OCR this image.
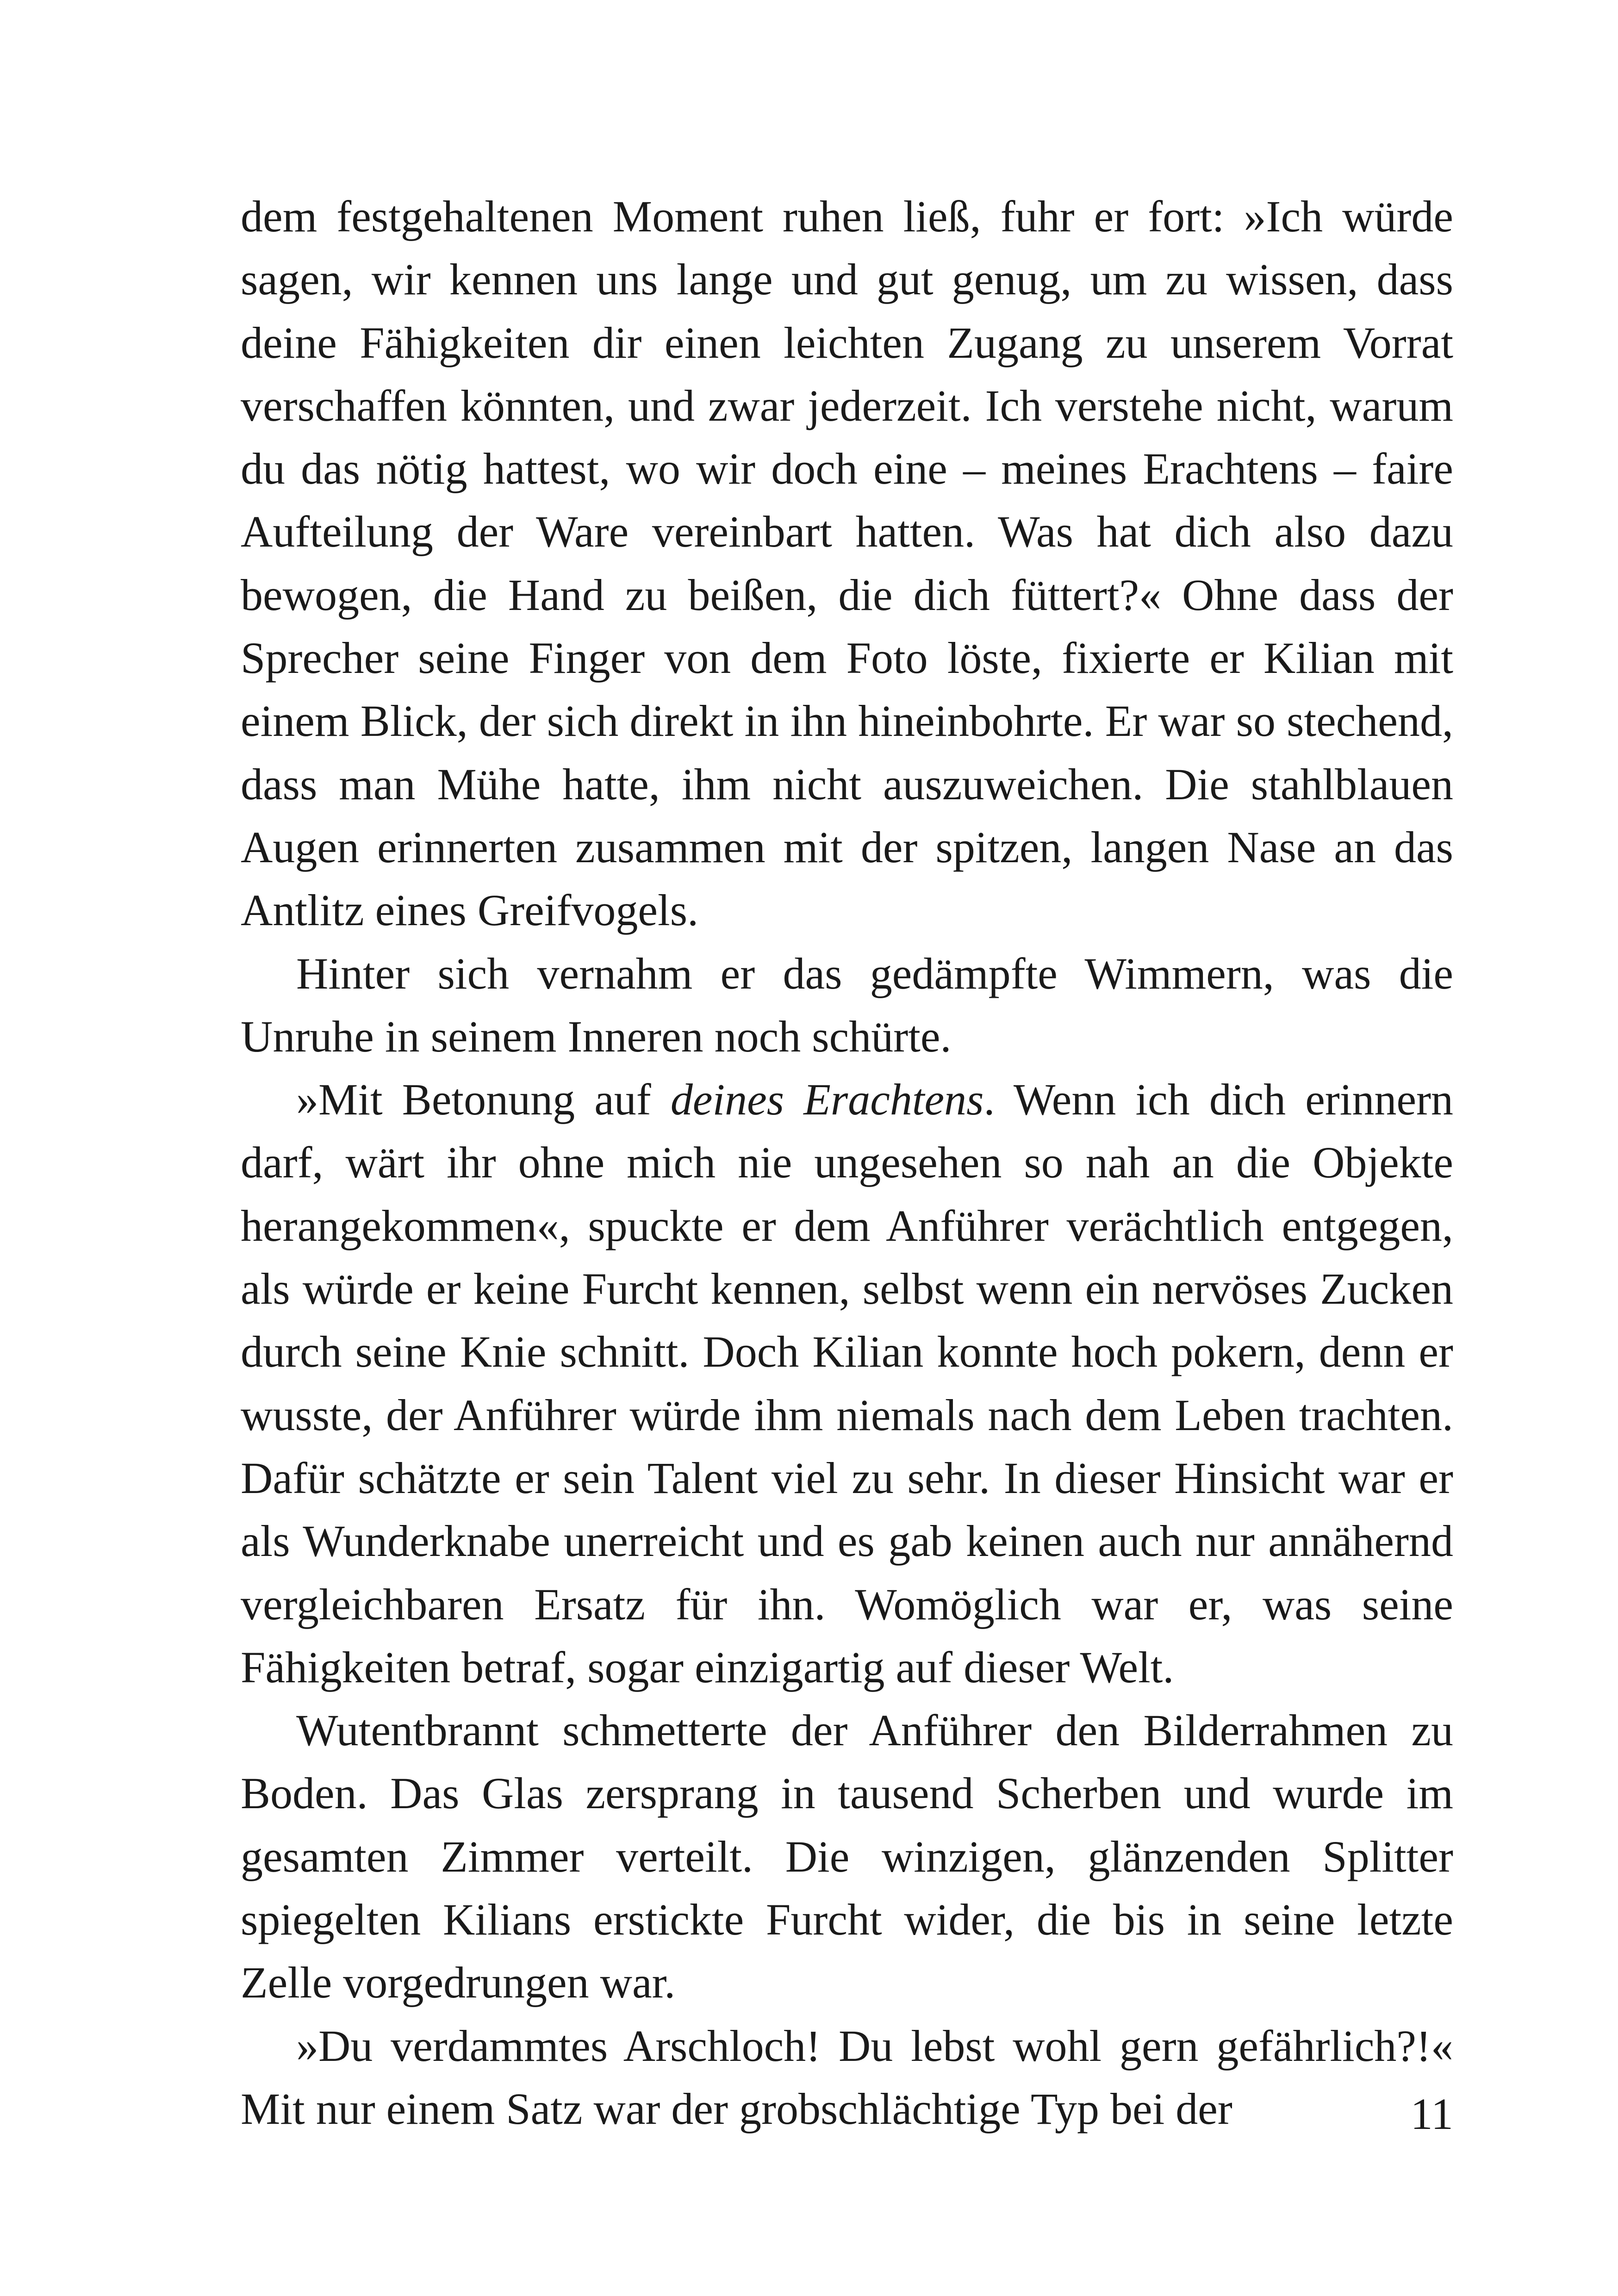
dem festgehaltenen Moment ruhen ließ, fuhr er fort: »Ich würde sagen, wir kennen uns lange und gut genug, um zu wissen, dass deine Fähigkeiten dir einen leichten Zugang zu unserem Vorrat verschaffen könnten, und zwar jederzeit. Ich verstehe nicht, warum du das nötig hattest, wo wir doch eine – meines Erachtens – faire Aufteilung der Ware vereinbart hatten. Was hat dich also dazu bewogen, die Hand zu beißen, die dich füttert?« Ohne dass der Sprecher seine Finger von dem Foto löste, fixierte er Kilian mit einem Blick, der sich direkt in ihn hineinbohrte. Er war so stechend, dass man Mühe hatte, ihm nicht auszuweichen. Die stahlblauen Augen erinnerten zusammen mit der spitzen, langen Nase an das Antlitz eines Greifvogels.

Hinter sich vernahm er das gedämpfte Wimmern, was die Unruhe in seinem Inneren noch schürte.

»Mit Betonung auf deines Erachtens. Wenn ich dich erinnern darf, wärt ihr ohne mich nie ungesehen so nah an die Objekte herangekommen«, spuckte er dem Anführer verächtlich entgegen, als würde er keine Furcht kennen, selbst wenn ein nervöses Zucken durch seine Knie schnitt. Doch Kilian konnte hoch pokern, denn er wusste, der Anführer würde ihm niemals nach dem Leben trachten. Dafür schätzte er sein Talent viel zu sehr. In dieser Hinsicht war er als Wunderknabe unerreicht und es gab keinen auch nur annähernd vergleichbaren Ersatz für ihn. Womöglich war er, was seine Fähigkeiten betraf, sogar einzigartig auf dieser Welt.

Wutentbrannt schmetterte der Anführer den Bilderrahmen zu Boden. Das Glas zersprang in tausend Scherben und wurde im gesamten Zimmer verteilt. Die winzigen, glänzenden Splitter spiegelten Kilians erstickte Furcht wider, die bis in seine letzte Zelle vorgedrungen war.

»Du verdammtes Arschloch! Du lebst wohl gern gefährlich?!« Mit nur einem Satz war der grobschlächtige Typ bei der	11
